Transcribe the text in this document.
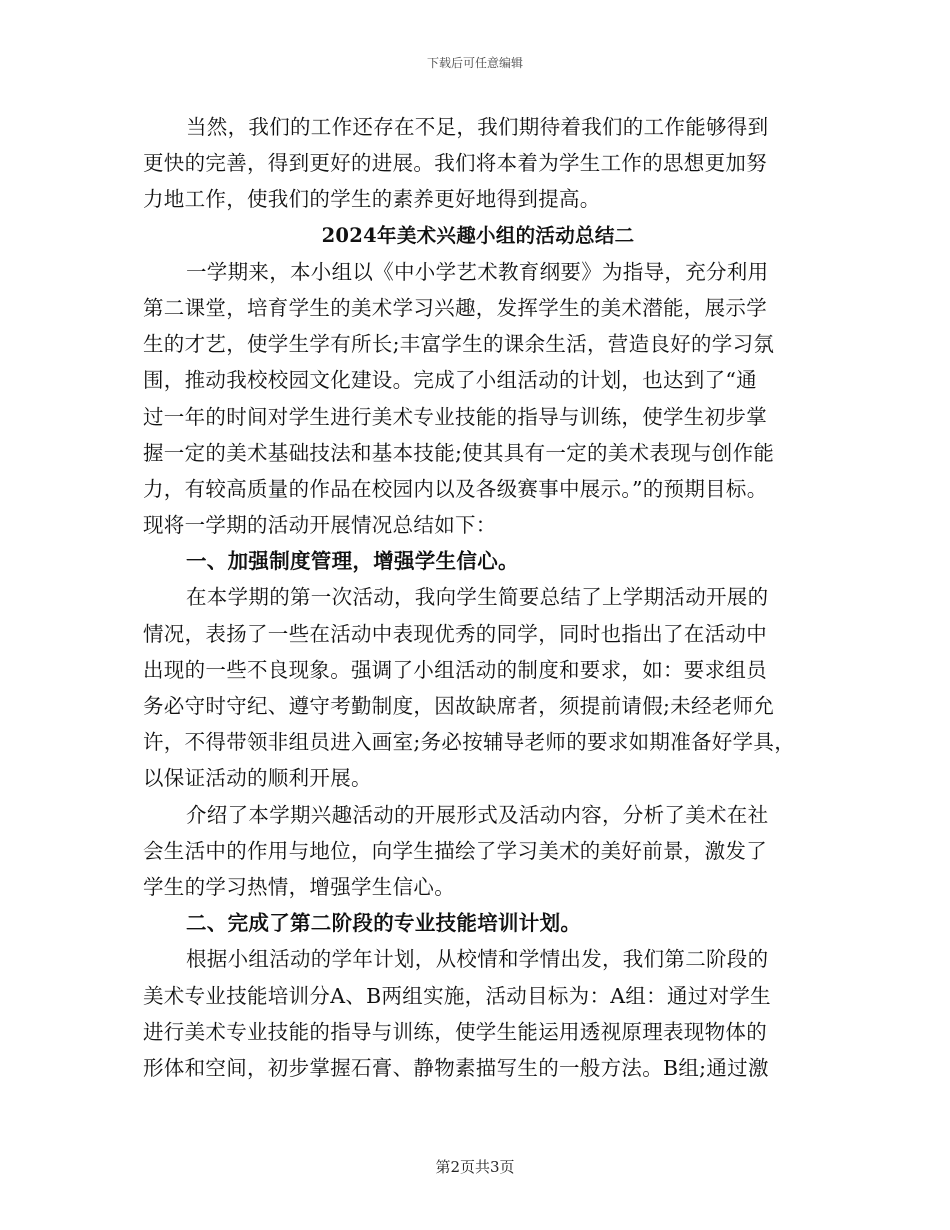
下载后可任意编辑
当然，我们的工作还存在不足，我们期待着我们的工作能够得到
更快的完善，得到更好的进展。我们将本着为学生工作的思想更加努
力地工作，使我们的学生的素养更好地得到提高。
2024年美术兴趣小组的活动总结二
一学期来，本小组以《中小学艺术教育纲要》为指导，充分利用
第二课堂，培育学生的美术学习兴趣，发挥学生的美术潜能，展示学
生的才艺，使学生学有所长;丰富学生的课余生活，营造良好的学习氛
围，推动我校校园文化建设。完成了小组活动的计划，也达到了“通
过一年的时间对学生进行美术专业技能的指导与训练，使学生初步掌
握一定的美术基础技法和基本技能;使其具有一定的美术表现与创作能
力，有较高质量的作品在校园内以及各级赛事中展示。”的预期目标。
现将一学期的活动开展情况总结如下：
一、加强制度管理，增强学生信心。
在本学期的第一次活动，我向学生简要总结了上学期活动开展的
情况，表扬了一些在活动中表现优秀的同学，同时也指出了在活动中
出现的一些不良现象。强调了小组活动的制度和要求，如：要求组员
务必守时守纪、遵守考勤制度，因故缺席者，须提前请假;未经老师允
许，不得带领非组员进入画室;务必按辅导老师的要求如期准备好学具，
以保证活动的顺利开展。
介绍了本学期兴趣活动的开展形式及活动内容，分析了美术在社
会生活中的作用与地位，向学生描绘了学习美术的美好前景，激发了
学生的学习热情，增强学生信心。
二、完成了第二阶段的专业技能培训计划。
根据小组活动的学年计划，从校情和学情出发，我们第二阶段的
美术专业技能培训分A、B两组实施，活动目标为：A组：通过对学生
进行美术专业技能的指导与训练，使学生能运用透视原理表现物体的
形体和空间，初步掌握石膏、静物素描写生的一般方法。B组;通过激
第2页共3页
